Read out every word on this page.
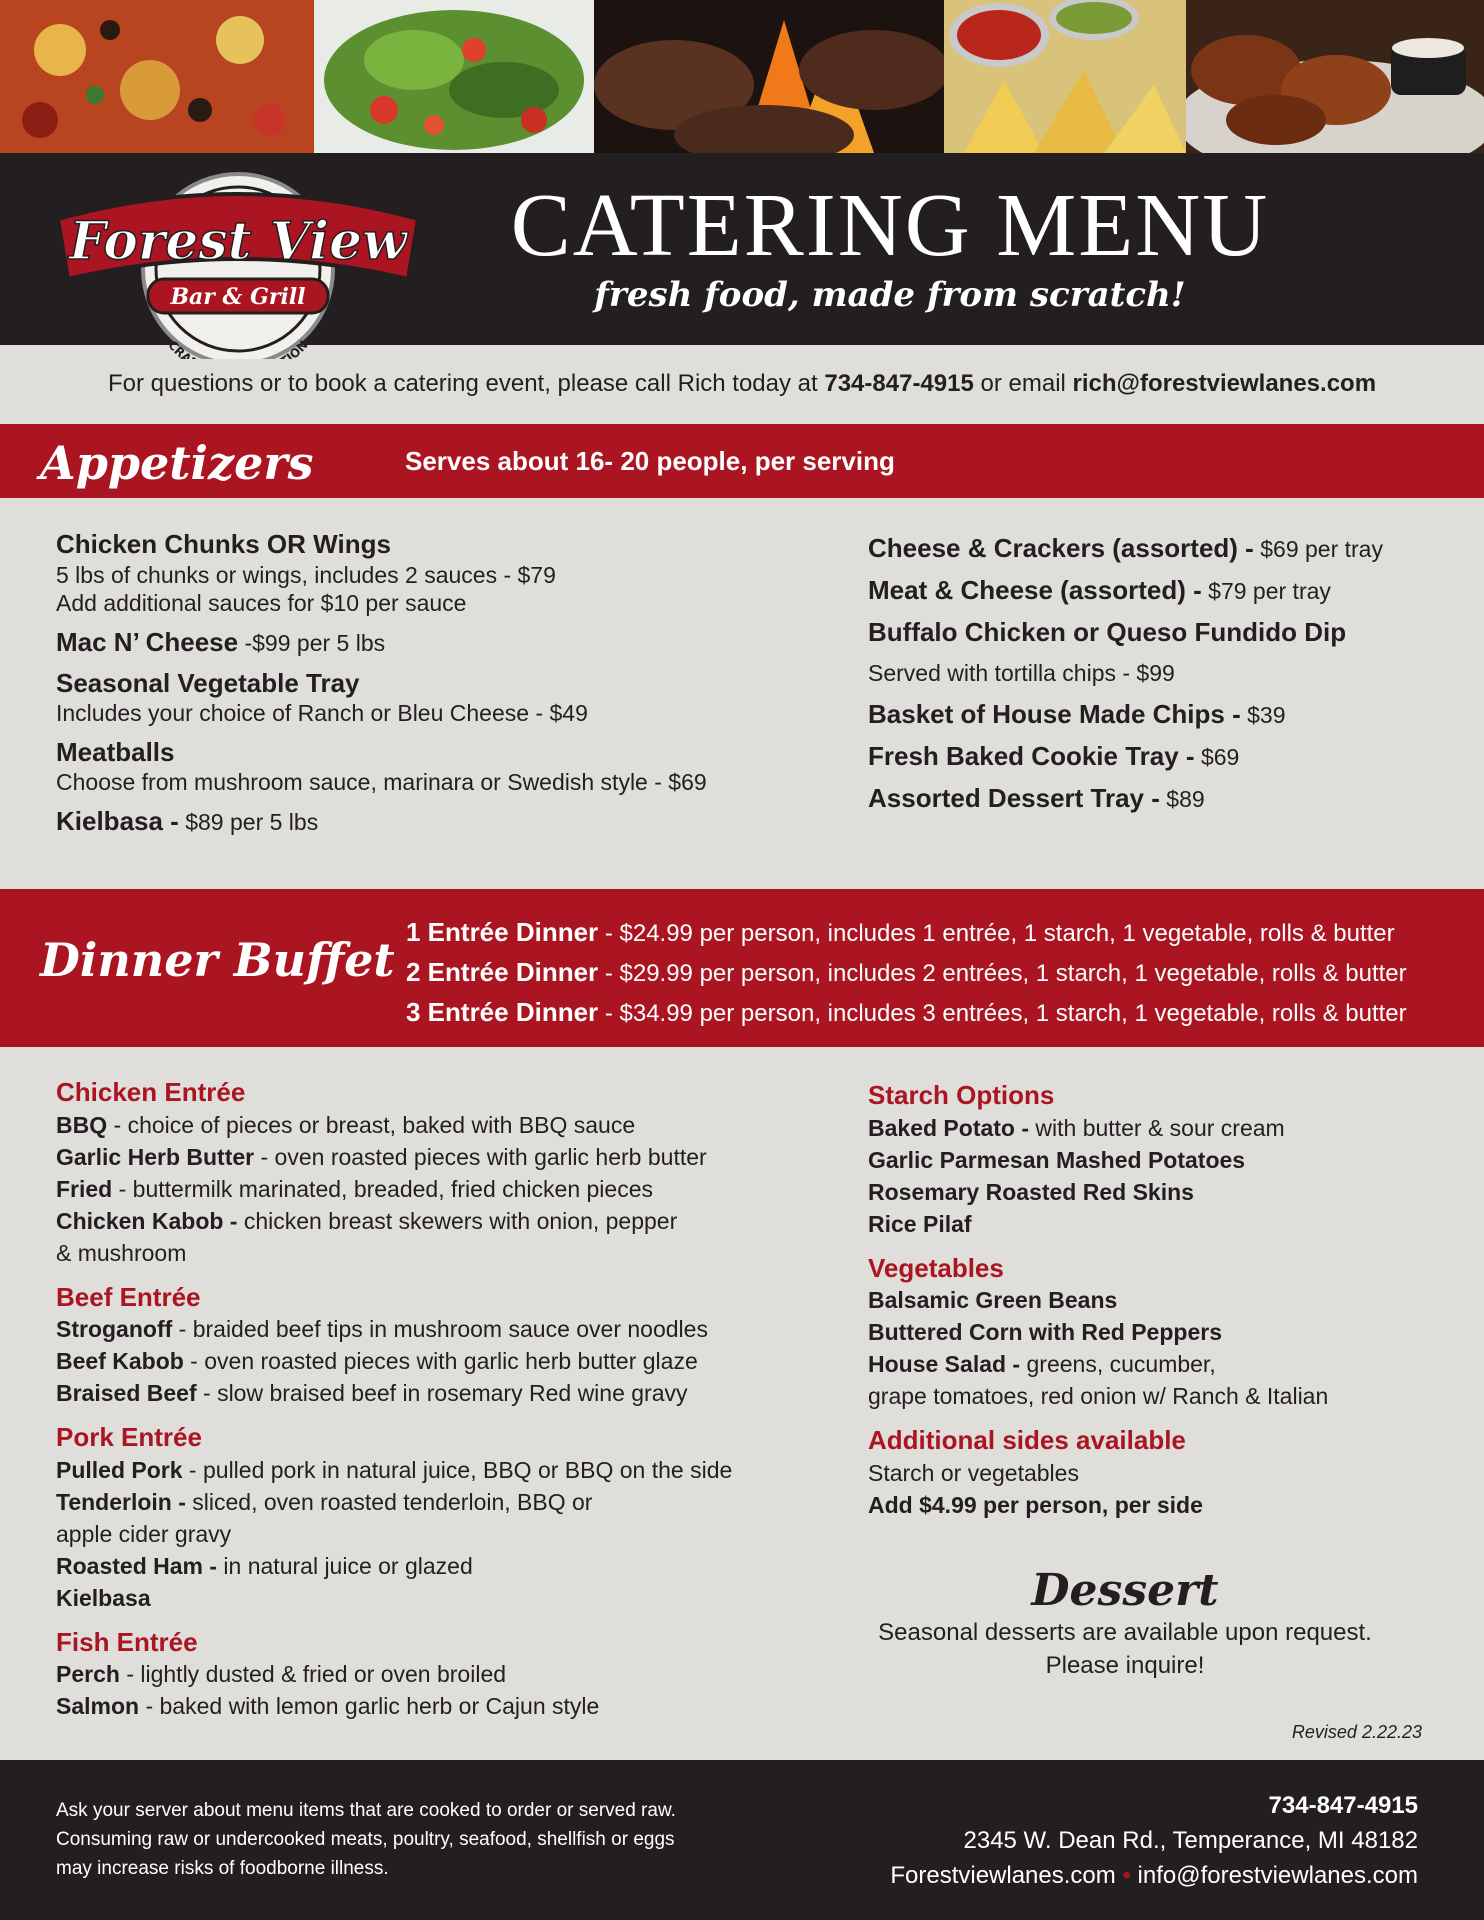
BEDFORD'S BEST
CRA ION
Forest View
Bar & Grill
CATERING MENU
fresh food, made from scratch!
For questions or to book a catering event, please call Rich today at 734-847-4915 or email rich@forestviewlanes.com
Appetizers	Serves about 16- 20 people, per serving

Chicken Chunks OR Wings

5 lbs of chunks or wings, includes 2 sauces - $79

Add additional sauces for $10 per sauce

Mac N’ Cheese -$99 per 5 lbs

Seasonal Vegetable Tray

Includes your choice of Ranch or Bleu Cheese - $49

Meatballs

Choose from mushroom sauce, marinara or Swedish style - $69

Kielbasa - $89 per 5 lbs

Cheese & Crackers (assorted) - $69 per tray

Meat & Cheese (assorted) - $79 per tray

Buffalo Chicken or Queso Fundido Dip

Served with tortilla chips - $99

Basket of House Made Chips - $39

Fresh Baked Cookie Tray - $69

Assorted Dessert Tray - $89

Dinner Buffet
1 Entrée Dinner - $24.99 per person, includes 1 entrée, 1 starch, 1 vegetable, rolls & butter
2 Entrée Dinner - $29.99 per person, includes 2 entrées, 1 starch, 1 vegetable, rolls & butter
3 Entrée Dinner - $34.99 per person, includes 3 entrées, 1 starch, 1 vegetable, rolls & butter
Chicken Entrée
BBQ - choice of pieces or breast, baked with BBQ sauce
Garlic Herb Butter - oven roasted pieces with garlic herb butter
Fried - buttermilk marinated, breaded, fried chicken pieces
Chicken Kabob - chicken breast skewers with onion, pepper
& mushroom
Beef Entrée
Stroganoff - braided beef tips in mushroom sauce over noodles
Beef Kabob - oven roasted pieces with garlic herb butter glaze
Braised Beef - slow braised beef in rosemary Red wine gravy
Pork Entrée
Pulled Pork - pulled pork in natural juice, BBQ or BBQ on the side
Tenderloin - sliced, oven roasted tenderloin, BBQ or
apple cider gravy
Roasted Ham - in natural juice or glazed
Kielbasa
Fish Entrée
Perch - lightly dusted & fried or oven broiled
Salmon - baked with lemon garlic herb or Cajun style
Starch Options
Baked Potato - with butter & sour cream
Garlic Parmesan Mashed Potatoes
Rosemary Roasted Red Skins
Rice Pilaf
Vegetables
Balsamic Green Beans
Buttered Corn with Red Peppers
House Salad - greens, cucumber,
grape tomatoes, red onion w/ Ranch & Italian
Additional sides available
Starch or vegetables
Add $4.99 per person, per side
Dessert

Seasonal desserts are available upon request.

Please inquire!

Revised 2.22.23
Ask your server about menu items that are cooked to order or served raw. Consuming raw or undercooked meats, poultry, seafood, shellfish or eggs may increase risks of foodborne illness.
734-847-4915
2345 W. Dean Rd., Temperance, MI 48182
Forestviewlanes.com • info@forestviewlanes.com
